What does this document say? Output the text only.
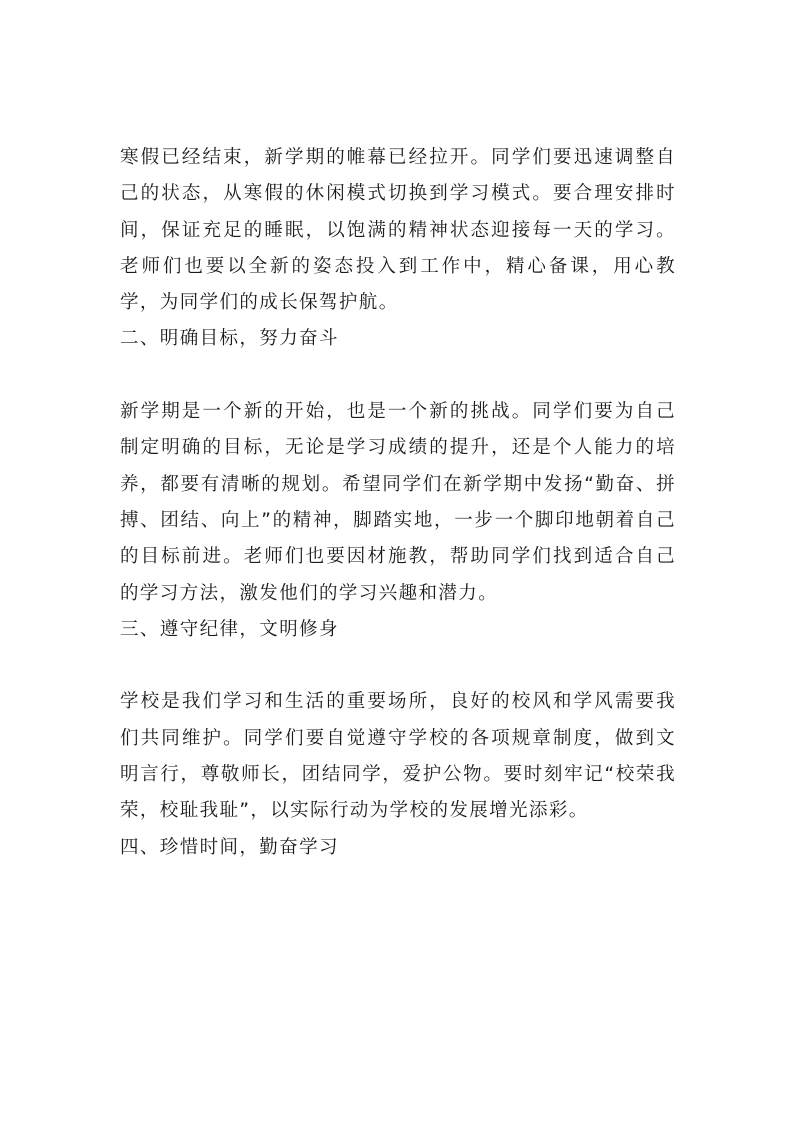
寒假已经结束，新学期的帷幕已经拉开。同学们要迅速调整自己的状态，从寒假的休闲模式切换到学习模式。要合理安排时间，保证充足的睡眠，以饱满的精神状态迎接每一天的学习。老师们也要以全新的姿态投入到工作中，精心备课，用心教学，为同学们的成长保驾护航。

二、明确目标，努力奋斗

新学期是一个新的开始，也是一个新的挑战。同学们要为自己制定明确的目标，无论是学习成绩的提升，还是个人能力的培养，都要有清晰的规划。希望同学们在新学期中发扬“勤奋、拼搏、团结、向上”的精神，脚踏实地，一步一个脚印地朝着自己的目标前进。老师们也要因材施教，帮助同学们找到适合自己的学习方法，激发他们的学习兴趣和潜力。

三、遵守纪律，文明修身

学校是我们学习和生活的重要场所，良好的校风和学风需要我们共同维护。同学们要自觉遵守学校的各项规章制度，做到文明言行，尊敬师长，团结同学，爱护公物。要时刻牢记“校荣我荣，校耻我耻”，以实际行动为学校的发展增光添彩。

四、珍惜时间，勤奋学习
